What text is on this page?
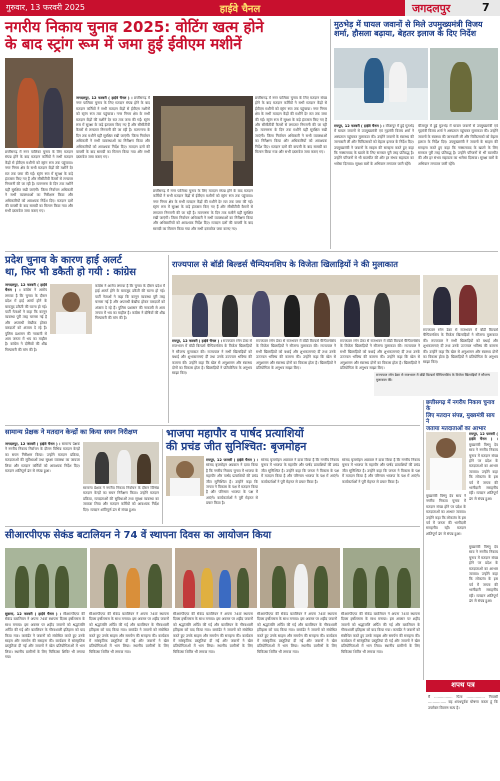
गुरुवार, 13 फरवरी 2025	हाईवे चैनल	जगदलपुर	7
नगरीय निकाय चुनाव 2025: वोटिंग खत्म होने
के बाद स्ट्रांग रूम में जमा हुई ईवीएम मशीनें
जगदलपुर, 12 फरवरी ( हाईवे चैनल ) । छत्तीसगढ़ में नगर पालिका चुनाव के लिए मतदान संपन्न होने के बाद मतदान कर्मियों ने सभी मतदान केंद्रों से ईवीएम मशीनों को स्ट्रांग रूम तक पहुंचाया। नगर निगम क्षेत्र के सभी मतदान केंद्रों की मशीनें देर रात तक जमा की गईं। स्ट्रांग रूम में सुरक्षा के कड़े इंतजाम किए गए हैं और सीसीटीवी कैमरों से लगातार निगरानी की जा रही है। मतगणना के दिन तक मशीनें यहीं सुरक्षित रखी जाएंगी। जिला निर्वाचन अधिकारी ने सभी व्यवस्थाओं का निरीक्षण किया और अधिकारियों को आवश्यक निर्देश दिए। मतदान दलों की वापसी के बाद सामग्री का मिलान किया गया और सभी दस्तावेज जमा कराए गए।
छत्तीसगढ़ में नगर पालिका चुनाव के लिए मतदान संपन्न होने के बाद मतदान कर्मियों ने सभी मतदान केंद्रों से ईवीएम मशीनों को स्ट्रांग रूम तक पहुंचाया। नगर निगम क्षेत्र के सभी मतदान केंद्रों की मशीनें देर रात तक जमा की गईं। स्ट्रांग रूम में सुरक्षा के कड़े इंतजाम किए गए हैं और सीसीटीवी कैमरों से लगातार निगरानी की जा रही है। मतगणना के दिन तक मशीनें यहीं सुरक्षित रखी जाएंगी। जिला निर्वाचन अधिकारी ने सभी व्यवस्थाओं का निरीक्षण किया और अधिकारियों को आवश्यक निर्देश दिए। मतदान दलों की वापसी के बाद सामग्री का मिलान किया गया और सभी दस्तावेज जमा कराए गए।
छत्तीसगढ़ में नगर पालिका चुनाव के लिए मतदान संपन्न होने के बाद मतदान कर्मियों ने सभी मतदान केंद्रों से ईवीएम मशीनों को स्ट्रांग रूम तक पहुंचाया। नगर निगम क्षेत्र के सभी मतदान केंद्रों की मशीनें देर रात तक जमा की गईं। स्ट्रांग रूम में सुरक्षा के कड़े इंतजाम किए गए हैं और सीसीटीवी कैमरों से लगातार निगरानी की जा रही है। मतगणना के दिन तक मशीनें यहीं सुरक्षित रखी जाएंगी। जिला निर्वाचन अधिकारी ने सभी व्यवस्थाओं का निरीक्षण किया और अधिकारियों को आवश्यक निर्देश दिए। मतदान दलों की वापसी के बाद सामग्री का मिलान किया गया और सभी दस्तावेज जमा कराए गए।
छत्तीसगढ़ में नगर पालिका चुनाव के लिए मतदान संपन्न होने के बाद मतदान कर्मियों ने सभी मतदान केंद्रों से ईवीएम मशीनों को स्ट्रांग रूम तक पहुंचाया। नगर निगम क्षेत्र के सभी मतदान केंद्रों की मशीनें देर रात तक जमा की गईं। स्ट्रांग रूम में सुरक्षा के कड़े इंतजाम किए गए हैं और सीसीटीवी कैमरों से लगातार निगरानी की जा रही है। मतगणना के दिन तक मशीनें यहीं सुरक्षित रखी जाएंगी। जिला निर्वाचन अधिकारी ने सभी व्यवस्थाओं का निरीक्षण किया और अधिकारियों को आवश्यक निर्देश दिए। मतदान दलों की वापसी के बाद सामग्री का मिलान किया गया और सभी दस्तावेज जमा कराए गए।
मुठभेड़ में घायल जवानों से मिले उपमुख्यमंत्री विजय
शर्मा, हौसला बढ़ाया, बेहतर इलाज के दिए निर्देश
रायपुर, 12 फरवरी ( हाईवे चैनल ) । बीजापुर में हुई मुठभेड़ में घायल जवानों से उपमुख्यमंत्री एवं गृहमंत्री विजय शर्मा ने अस्पताल पहुंचकर मुलाकात की। उन्होंने जवानों के स्वास्थ्य की जानकारी ली और चिकित्सकों को बेहतर इलाज के निर्देश दिए। उपमुख्यमंत्री ने जवानों के साहस की सराहना करते हुए कहा कि नक्सलवाद के खात्मे के लिए सरकार पूरी तरह प्रतिबद्ध है। उन्होंने परिजनों से भी बातचीत की और हर संभव सहायता का भरोसा दिलाया। सुरक्षा बलों के अभियान लगातार जारी रहेंगे।
बीजापुर में हुई मुठभेड़ में घायल जवानों से उपमुख्यमंत्री एवं गृहमंत्री विजय शर्मा ने अस्पताल पहुंचकर मुलाकात की। उन्होंने जवानों के स्वास्थ्य की जानकारी ली और चिकित्सकों को बेहतर इलाज के निर्देश दिए। उपमुख्यमंत्री ने जवानों के साहस की सराहना करते हुए कहा कि नक्सलवाद के खात्मे के लिए सरकार पूरी तरह प्रतिबद्ध है। उन्होंने परिजनों से भी बातचीत की और हर संभव सहायता का भरोसा दिलाया। सुरक्षा बलों के अभियान लगातार जारी रहेंगे।
प्रदेश चुनाव के कारण हाई अलर्ट
था, फिर भी डकैती हो गयी : कांग्रेस
जगदलपुर, 12 फरवरी ( हाईवे चैनल ) । कांग्रेस ने आरोप लगाया है कि चुनाव के दौरान प्रदेश में हाई अलर्ट होने के बावजूद डकैती की घटना हो गई। पार्टी नेताओं ने कहा कि कानून व्यवस्था पूरी तरह चरमरा गई है और अपराधी बेखौफ होकर वारदातों को अंजाम दे रहे हैं। पुलिस प्रशासन की नाकामी से आम जनता में भय का माहौल है। कांग्रेस ने दोषियों की शीघ्र गिरफ्तारी की मांग की है।
कांग्रेस ने आरोप लगाया है कि चुनाव के दौरान प्रदेश में हाई अलर्ट होने के बावजूद डकैती की घटना हो गई। पार्टी नेताओं ने कहा कि कानून व्यवस्था पूरी तरह चरमरा गई है और अपराधी बेखौफ होकर वारदातों को अंजाम दे रहे हैं। पुलिस प्रशासन की नाकामी से आम जनता में भय का माहौल है। कांग्रेस ने दोषियों की शीघ्र गिरफ्तारी की मांग की है।
राज्यपाल से बॉडी बिल्डर्स चैम्पियनशिप के विजेता खिलाड़ियों ने की मुलाकात
रायपुर, 12 फरवरी ( हाईवे चैनल ) । राज्यपाल रमेन डेका से राजभवन में बॉडी बिल्डर्स चैम्पियनशिप के विजेता खिलाड़ियों ने सौजन्य मुलाकात की। राज्यपाल ने सभी खिलाड़ियों को बधाई और शुभकामनाएं दीं तथा उनके उज्ज्वल भविष्य की कामना की। उन्होंने कहा कि खेल से अनुशासन और स्वास्थ्य दोनों का विकास होता है। खिलाड़ियों ने प्रतियोगिता के अनुभव साझा किए।
राज्यपाल रमेन डेका से राजभवन में बॉडी बिल्डर्स चैम्पियनशिप के विजेता खिलाड़ियों ने सौजन्य मुलाकात की। राज्यपाल ने सभी खिलाड़ियों को बधाई और शुभकामनाएं दीं तथा उनके उज्ज्वल भविष्य की कामना की। उन्होंने कहा कि खेल से अनुशासन और स्वास्थ्य दोनों का विकास होता है। खिलाड़ियों ने प्रतियोगिता के अनुभव साझा किए।
राज्यपाल रमेन डेका से राजभवन में बॉडी बिल्डर्स चैम्पियनशिप के विजेता खिलाड़ियों ने सौजन्य मुलाकात की। राज्यपाल ने सभी खिलाड़ियों को बधाई और शुभकामनाएं दीं तथा उनके उज्ज्वल भविष्य की कामना की। उन्होंने कहा कि खेल से अनुशासन और स्वास्थ्य दोनों का विकास होता है। खिलाड़ियों ने प्रतियोगिता के अनुभव साझा किए।
राज्यपाल रमेन डेका से राजभवन में बॉडी बिल्डर्स चैम्पियनशिप के विजेता खिलाड़ियों ने सौजन्य मुलाकात की। राज्यपाल ने सभी खिलाड़ियों को बधाई और शुभकामनाएं दीं तथा उनके उज्ज्वल भविष्य की कामना की। उन्होंने कहा कि खेल से अनुशासन और स्वास्थ्य दोनों का विकास होता है। खिलाड़ियों ने प्रतियोगिता के अनुभव साझा किए।
राज्यपाल रमेन डेका से राजभवन में बॉडी बिल्डर्स चैम्पियनशिप के विजेता खिलाड़ियों ने सौजन्य मुलाकात की।
सामान्य प्रेक्षक ने मतदान केन्द्रों का किया सघन निरीक्षण
जगदलपुर, 12 फरवरी ( हाईवे चैनल ) । सामान्य प्रेक्षक ने नगरीय निकाय निर्वाचन के दौरान विभिन्न मतदान केन्द्रों का सघन निरीक्षण किया। उन्होंने मतदान प्रक्रिया, मतदाताओं की सुविधाओं तथा सुरक्षा व्यवस्था का जायजा लिया और मतदान कर्मियों को आवश्यक निर्देश दिए। मतदान शांतिपूर्ण ढंग से संपन्न हुआ।
सामान्य प्रेक्षक ने नगरीय निकाय निर्वाचन के दौरान विभिन्न मतदान केन्द्रों का सघन निरीक्षण किया। उन्होंने मतदान प्रक्रिया, मतदाताओं की सुविधाओं तथा सुरक्षा व्यवस्था का जायजा लिया और मतदान कर्मियों को आवश्यक निर्देश दिए। मतदान शांतिपूर्ण ढंग से संपन्न हुआ।
भाजपा महापौर व पार्षद प्रत्याशियों
की प्रचंड जीत सुनिश्चित: बृजमोहन
रायपुर, 12 फरवरी ( हाईवे चैनल ) । सांसद बृजमोहन अग्रवाल ने दावा किया है कि नगरीय निकाय चुनाव में भाजपा के महापौर और पार्षद प्रत्याशियों की प्रचंड जीत सुनिश्चित है। उन्होंने कहा कि जनता ने विकास के पक्ष में मतदान किया है और परिणाम भाजपा के पक्ष में आएंगे। कार्यकर्ताओं ने पूरी मेहनत से प्रचार किया है।
सांसद बृजमोहन अग्रवाल ने दावा किया है कि नगरीय निकाय चुनाव में भाजपा के महापौर और पार्षद प्रत्याशियों की प्रचंड जीत सुनिश्चित है। उन्होंने कहा कि जनता ने विकास के पक्ष में मतदान किया है और परिणाम भाजपा के पक्ष में आएंगे। कार्यकर्ताओं ने पूरी मेहनत से प्रचार किया है।
सांसद बृजमोहन अग्रवाल ने दावा किया है कि नगरीय निकाय चुनाव में भाजपा के महापौर और पार्षद प्रत्याशियों की प्रचंड जीत सुनिश्चित है। उन्होंने कहा कि जनता ने विकास के पक्ष में मतदान किया है और परिणाम भाजपा के पक्ष में आएंगे। कार्यकर्ताओं ने पूरी मेहनत से प्रचार किया है।
छत्तीसगढ़ में नगरीय निकाय चुनाव के
लिए मतदान संपन्न, मुख्यमंत्री साय ने
जताया मतदाताओं का आभार
रायपुर, 12 फरवरी ( हाईवे चैनल ) । मुख्यमंत्री विष्णु देव साय ने नगरीय निकाय चुनाव में मतदान संपन्न होने पर प्रदेश के मतदाताओं का आभार जताया। उन्होंने कहा कि लोकतंत्र के इस पर्व में जनता की भागीदारी सराहनीय रही। मतदान शांतिपूर्ण ढंग से संपन्न हुआ।
मुख्यमंत्री विष्णु देव साय ने नगरीय निकाय चुनाव में मतदान संपन्न होने पर प्रदेश के मतदाताओं का आभार जताया। उन्होंने कहा कि लोकतंत्र के इस पर्व में जनता की भागीदारी सराहनीय रही। मतदान शांतिपूर्ण ढंग से संपन्न हुआ।
मुख्यमंत्री विष्णु देव साय ने नगरीय निकाय चुनाव में मतदान संपन्न होने पर प्रदेश के मतदाताओं का आभार जताया। उन्होंने कहा कि लोकतंत्र के इस पर्व में जनता की भागीदारी सराहनीय रही। मतदान शांतिपूर्ण ढंग से संपन्न हुआ।
सीआरपीएफ सेकंड बटालियन ने 74 वें स्थापना दिवस का आयोजन किया
सुकमा, 12 फरवरी ( हाईवे चैनल ) । सीआरपीएफ की सेकंड बटालियन ने अपना 74वां स्थापना दिवस हर्षोल्लास के साथ मनाया। इस अवसर पर शहीद जवानों को श्रद्धांजलि अर्पित की गई और बटालियन के गौरवशाली इतिहास को याद किया गया। कमांडेंट ने जवानों को संबोधित करते हुए उनके साहस और समर्पण की सराहना की। कार्यक्रम में सांस्कृतिक प्रस्तुतियां दी गईं और जवानों ने खेल प्रतियोगिताओं में भाग लिया। स्थानीय ग्रामीणों के लिए चिकित्सा शिविर भी लगाया गया।
सीआरपीएफ की सेकंड बटालियन ने अपना 74वां स्थापना दिवस हर्षोल्लास के साथ मनाया। इस अवसर पर शहीद जवानों को श्रद्धांजलि अर्पित की गई और बटालियन के गौरवशाली इतिहास को याद किया गया। कमांडेंट ने जवानों को संबोधित करते हुए उनके साहस और समर्पण की सराहना की। कार्यक्रम में सांस्कृतिक प्रस्तुतियां दी गईं और जवानों ने खेल प्रतियोगिताओं में भाग लिया। स्थानीय ग्रामीणों के लिए चिकित्सा शिविर भी लगाया गया।
सीआरपीएफ की सेकंड बटालियन ने अपना 74वां स्थापना दिवस हर्षोल्लास के साथ मनाया। इस अवसर पर शहीद जवानों को श्रद्धांजलि अर्पित की गई और बटालियन के गौरवशाली इतिहास को याद किया गया। कमांडेंट ने जवानों को संबोधित करते हुए उनके साहस और समर्पण की सराहना की। कार्यक्रम में सांस्कृतिक प्रस्तुतियां दी गईं और जवानों ने खेल प्रतियोगिताओं में भाग लिया। स्थानीय ग्रामीणों के लिए चिकित्सा शिविर भी लगाया गया।
सीआरपीएफ की सेकंड बटालियन ने अपना 74वां स्थापना दिवस हर्षोल्लास के साथ मनाया। इस अवसर पर शहीद जवानों को श्रद्धांजलि अर्पित की गई और बटालियन के गौरवशाली इतिहास को याद किया गया। कमांडेंट ने जवानों को संबोधित करते हुए उनके साहस और समर्पण की सराहना की। कार्यक्रम में सांस्कृतिक प्रस्तुतियां दी गईं और जवानों ने खेल प्रतियोगिताओं में भाग लिया। स्थानीय ग्रामीणों के लिए चिकित्सा शिविर भी लगाया गया।
सीआरपीएफ की सेकंड बटालियन ने अपना 74वां स्थापना दिवस हर्षोल्लास के साथ मनाया। इस अवसर पर शहीद जवानों को श्रद्धांजलि अर्पित की गई और बटालियन के गौरवशाली इतिहास को याद किया गया। कमांडेंट ने जवानों को संबोधित करते हुए उनके साहस और समर्पण की सराहना की। कार्यक्रम में सांस्कृतिक प्रस्तुतियां दी गईं और जवानों ने खेल प्रतियोगिताओं में भाग लिया। स्थानीय ग्रामीणों के लिए चिकित्सा शिविर भी लगाया गया।
शपथ पत्र
मैं ................ पिता ................ निवासी ................ यह शपथपूर्वक घोषणा करता हूं कि उपरोक्त विवरण सत्य है।
